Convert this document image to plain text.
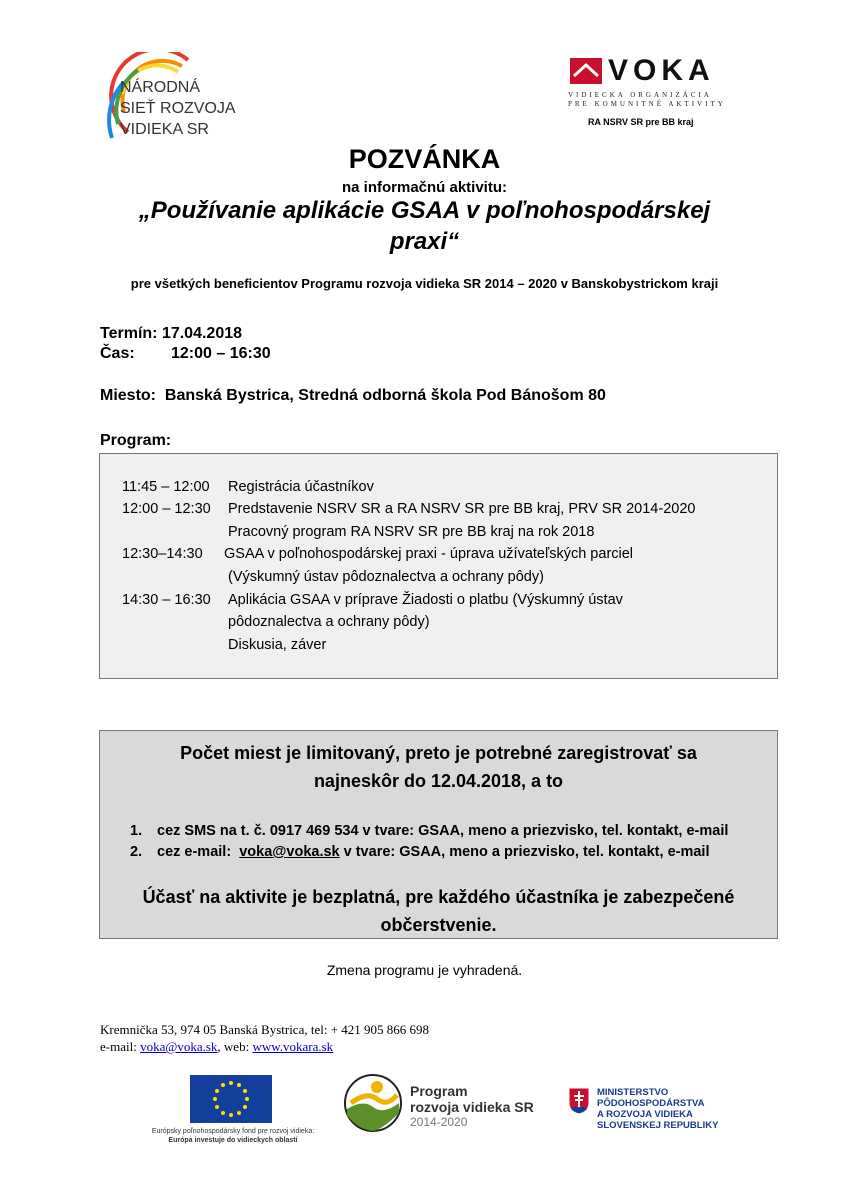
NÁRODNÁ
SIEŤ ROZVOJA
VIDIEKA SR
VOKA
VIDIECKA ORGANIZÁCIA
PRE KOMUNITNÉ AKTIVITY
RA NSRV SR pre BB kraj
POZVÁNKA
na informačnú aktivitu:
„Používanie aplikácie GSAA v poľnohospodárskej
praxi“
pre všetkých beneficientov Programu rozvoja vidieka SR 2014 – 2020 v Banskobystrickom kraji
Termín: 17.04.2018
Čas: 12:00 – 16:30
Miesto: Banská Bystrica, Stredná odborná škola Pod Bánošom 80
Program:
11:45 – 12:00 Registrácia účastníkov
12:00 – 12:30 Predstavenie NSRV SR a RA NSRV SR pre BB kraj, PRV SR 2014-2020
Pracovný program RA NSRV SR pre BB kraj na rok 2018
12:30–14:30 GSAA v poľnohospodárskej praxi - úprava užívateľských parciel
(Výskumný ústav pôdoznalectva a ochrany pôdy)
14:30 – 16:30 Aplikácia GSAA v príprave Žiadosti o platbu (Výskumný ústav
pôdoznalectva a ochrany pôdy)
Diskusia, záver
Počet miest je limitovaný, preto je potrebné zaregistrovať sa
najneskôr do 12.04.2018, a to
1. cez SMS na t. č. 0917 469 534 v tvare: GSAA, meno a priezvisko, tel. kontakt, e-mail
2. cez e-mail:  voka@voka.sk v tvare: GSAA, meno a priezvisko, tel. kontakt, e-mail
Účasť na aktivite je bezplatná, pre každého účastníka je zabezpečené
občerstvenie.
Zmena programu je vyhradená.
Kremnička 53, 974 05 Banská Bystrica, tel: + 421 905 866 698
e-mail: voka@voka.sk, web: www.vokara.sk
Európsky poľnohospodársky fond pre rozvoj vidieka:
Európa investuje do vidieckych oblastí
Program
rozvoja vidieka SR
2014-2020
MINISTERSTVO
PÔDOHOSPODÁRSTVA
A ROZVOJA VIDIEKA
SLOVENSKEJ REPUBLIKY
